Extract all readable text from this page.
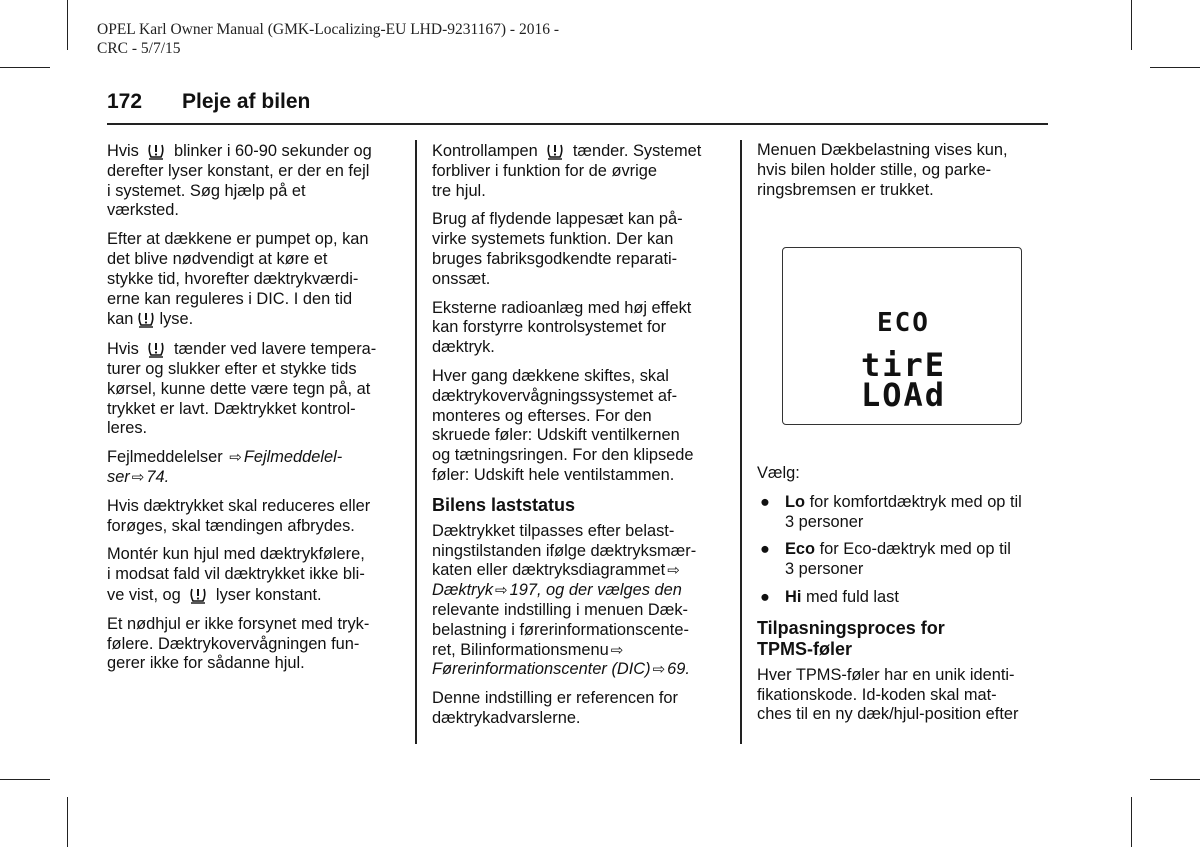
OPEL Karl Owner Manual (GMK-Localizing-EU LHD-9231167) - 2016 -
CRC - 5/7/15
172 Pleje af bilen

Hvis blinker i 60-90 sekunder og
derefter lyser konstant, er der en fejl
i systemet. Søg hjælp på et
værksted.

Efter at dækkene er pumpet op, kan
det blive nødvendigt at køre et
stykke tid, hvorefter dæktrykværdi-
erne kan reguleres i DIC. I den tid
kan lyse.

Hvis tænder ved lavere tempera-
turer og slukker efter et stykke tids
kørsel, kunne dette være tegn på, at
trykket er lavt. Dæktrykket kontrol-
leres.

Fejlmeddelelser ⇨ Fejlmeddelel-
ser ⇨ 74.

Hvis dæktrykket skal reduceres eller
forøges, skal tændingen afbrydes.

Montér kun hjul med dæktrykfølere,
i modsat fald vil dæktrykket ikke bli-
ve vist, og lyser konstant.

Et nødhjul er ikke forsynet med tryk-
følere. Dæktrykovervågningen fun-
gerer ikke for sådanne hjul.

Kontrollampen tænder. Systemet
forbliver i funktion for de øvrige
tre hjul.

Brug af flydende lappesæt kan på-
virke systemets funktion. Der kan
bruges fabriksgodkendte reparati-
onssæt.

Eksterne radioanlæg med høj effekt
kan forstyrre kontrolsystemet for
dæktryk.

Hver gang dækkene skiftes, skal
dæktrykovervågningssystemet af-
monteres og efterses. For den
skruede føler: Udskift ventilkernen
og tætningsringen. For den klipsede
føler: Udskift hele ventilstammen.

Bilens laststatus

Dæktrykket tilpasses efter belast-
ningstilstanden ifølge dæktryksmær-
katen eller dæktryksdiagrammet ⇨
Dæktryk ⇨ 197, og der vælges den
relevante indstilling i menuen Dæk-
belastning i førerinformationscente-
ret, Bilinformationsmenu ⇨
Førerinformationscenter (DIC) ⇨ 69.

Denne indstilling er referencen for
dæktrykadvarslerne.

Menuen Dækbelastning vises kun,
hvis bilen holder stille, og parke-
ringsbremsen er trukket.

ECO
tirE
LOAd

Vælg:

● Lo for komfortdæktryk med op til
3 personer
● Eco for Eco-dæktryk med op til
3 personer
● Hi med fuld last
Tilpasningsproces for
TPMS-føler

Hver TPMS-føler har en unik identi-
fikationskode. Id-koden skal mat-
ches til en ny dæk/hjul-position efter
